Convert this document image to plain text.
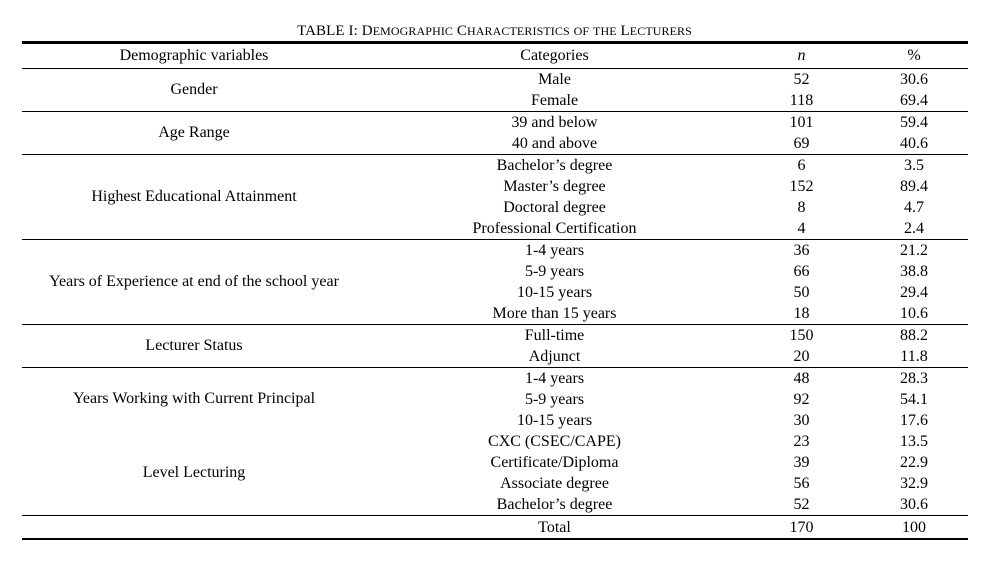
TABLE I: DEMOGRAPHIC CHARACTERISTICS OF THE LECTURERS
Demographic variables	Categories	n	%
Gender	Male	52	30.6
	Female	118	69.4
Age Range	39 and below	101	59.4
	40 and above	69	40.6
Highest Educational Attainment	Bachelor’s degree	6	3.5
	Master’s degree	152	89.4
	Doctoral degree	8	4.7
	Professional Certification	4	2.4
Years of Experience at end of the school year	1-4 years	36	21.2
	5-9 years	66	38.8
	10-15 years	50	29.4
	More than 15 years	18	10.6
Lecturer Status	Full-time	150	88.2
	Adjunct	20	11.8
Years Working with Current Principal	1-4 years	48	28.3
	5-9 years	92	54.1
	10-15 years	30	17.6
Level Lecturing	CXC (CSEC/CAPE)	23	13.5
	Certificate/Diploma	39	22.9
	Associate degree	56	32.9
	Bachelor’s degree	52	30.6
	Total	170	100
